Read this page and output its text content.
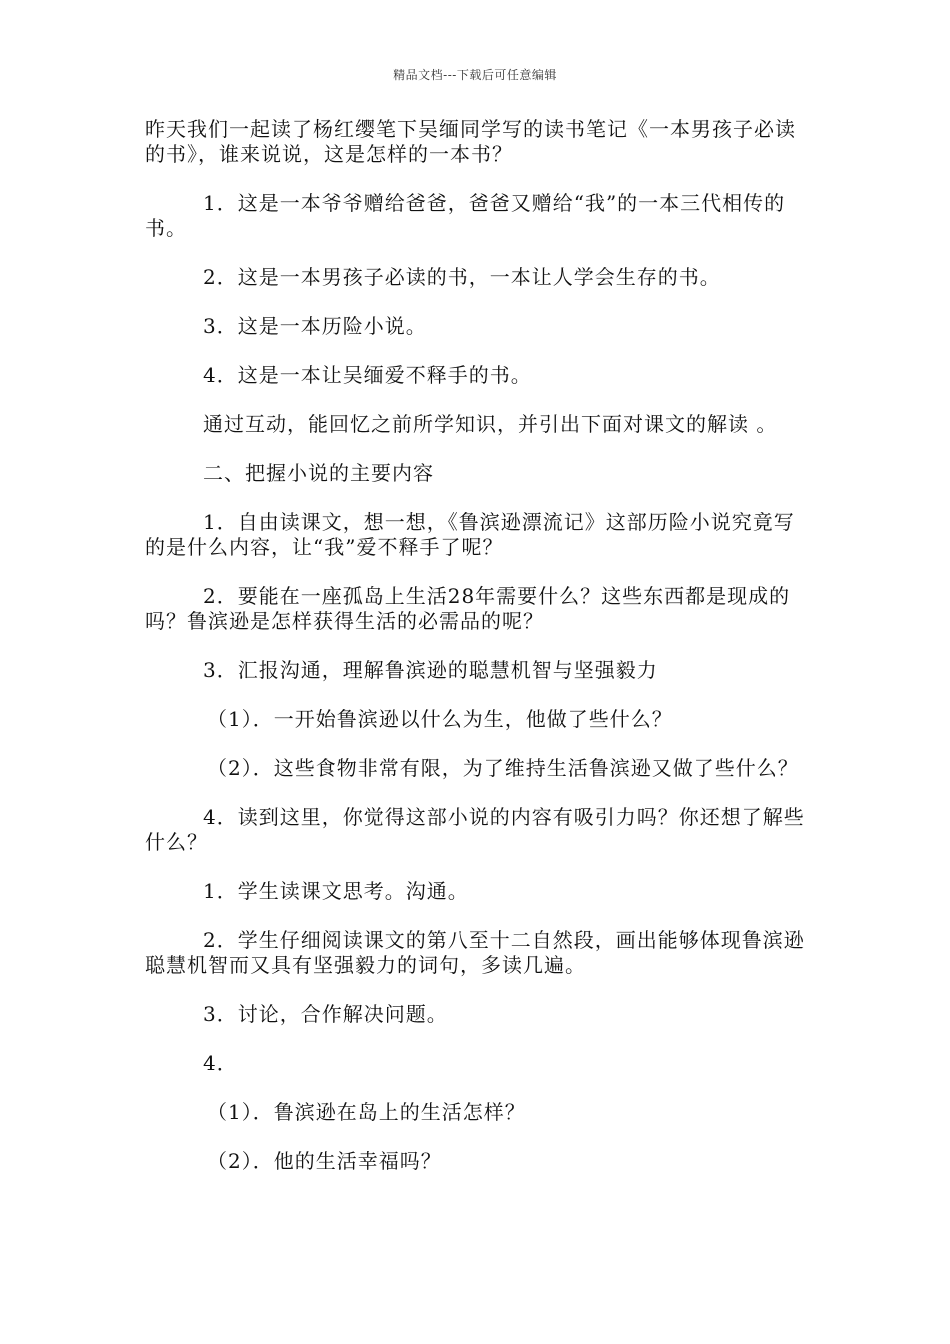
精品文档---下载后可任意编辑

昨天我们一起读了杨红缨笔下吴缅同学写的读书笔记《一本男孩子必读的书》，谁来说说，这是怎样的一本书？

1．这是一本爷爷赠给爸爸，爸爸又赠给“我”的一本三代相传的书。

2．这是一本男孩子必读的书，一本让人学会生存的书。

3．这是一本历险小说。

4．这是一本让吴缅爱不释手的书。

通过互动，能回忆之前所学知识，并引出下面对课文的解读 。

二、把握小说的主要内容

1．自由读课文，想一想，《鲁滨逊漂流记》这部历险小说究竟写的是什么内容，让“我”爱不释手了呢？

2．要能在一座孤岛上生活28年需要什么？这些东西都是现成的吗？鲁滨逊是怎样获得生活的必需品的呢？

3．汇报沟通，理解鲁滨逊的聪慧机智与坚强毅力

（1）．一开始鲁滨逊以什么为生，他做了些什么？

（2）．这些食物非常有限，为了维持生活鲁滨逊又做了些什么？

4．读到这里，你觉得这部小说的内容有吸引力吗？你还想了解些什么？

1．学生读课文思考。沟通。

2．学生仔细阅读课文的第八至十二自然段，画出能够体现鲁滨逊聪慧机智而又具有坚强毅力的词句，多读几遍。

3．讨论，合作解决问题。

4．

（1）．鲁滨逊在岛上的生活怎样？

（2）．他的生活幸福吗？
